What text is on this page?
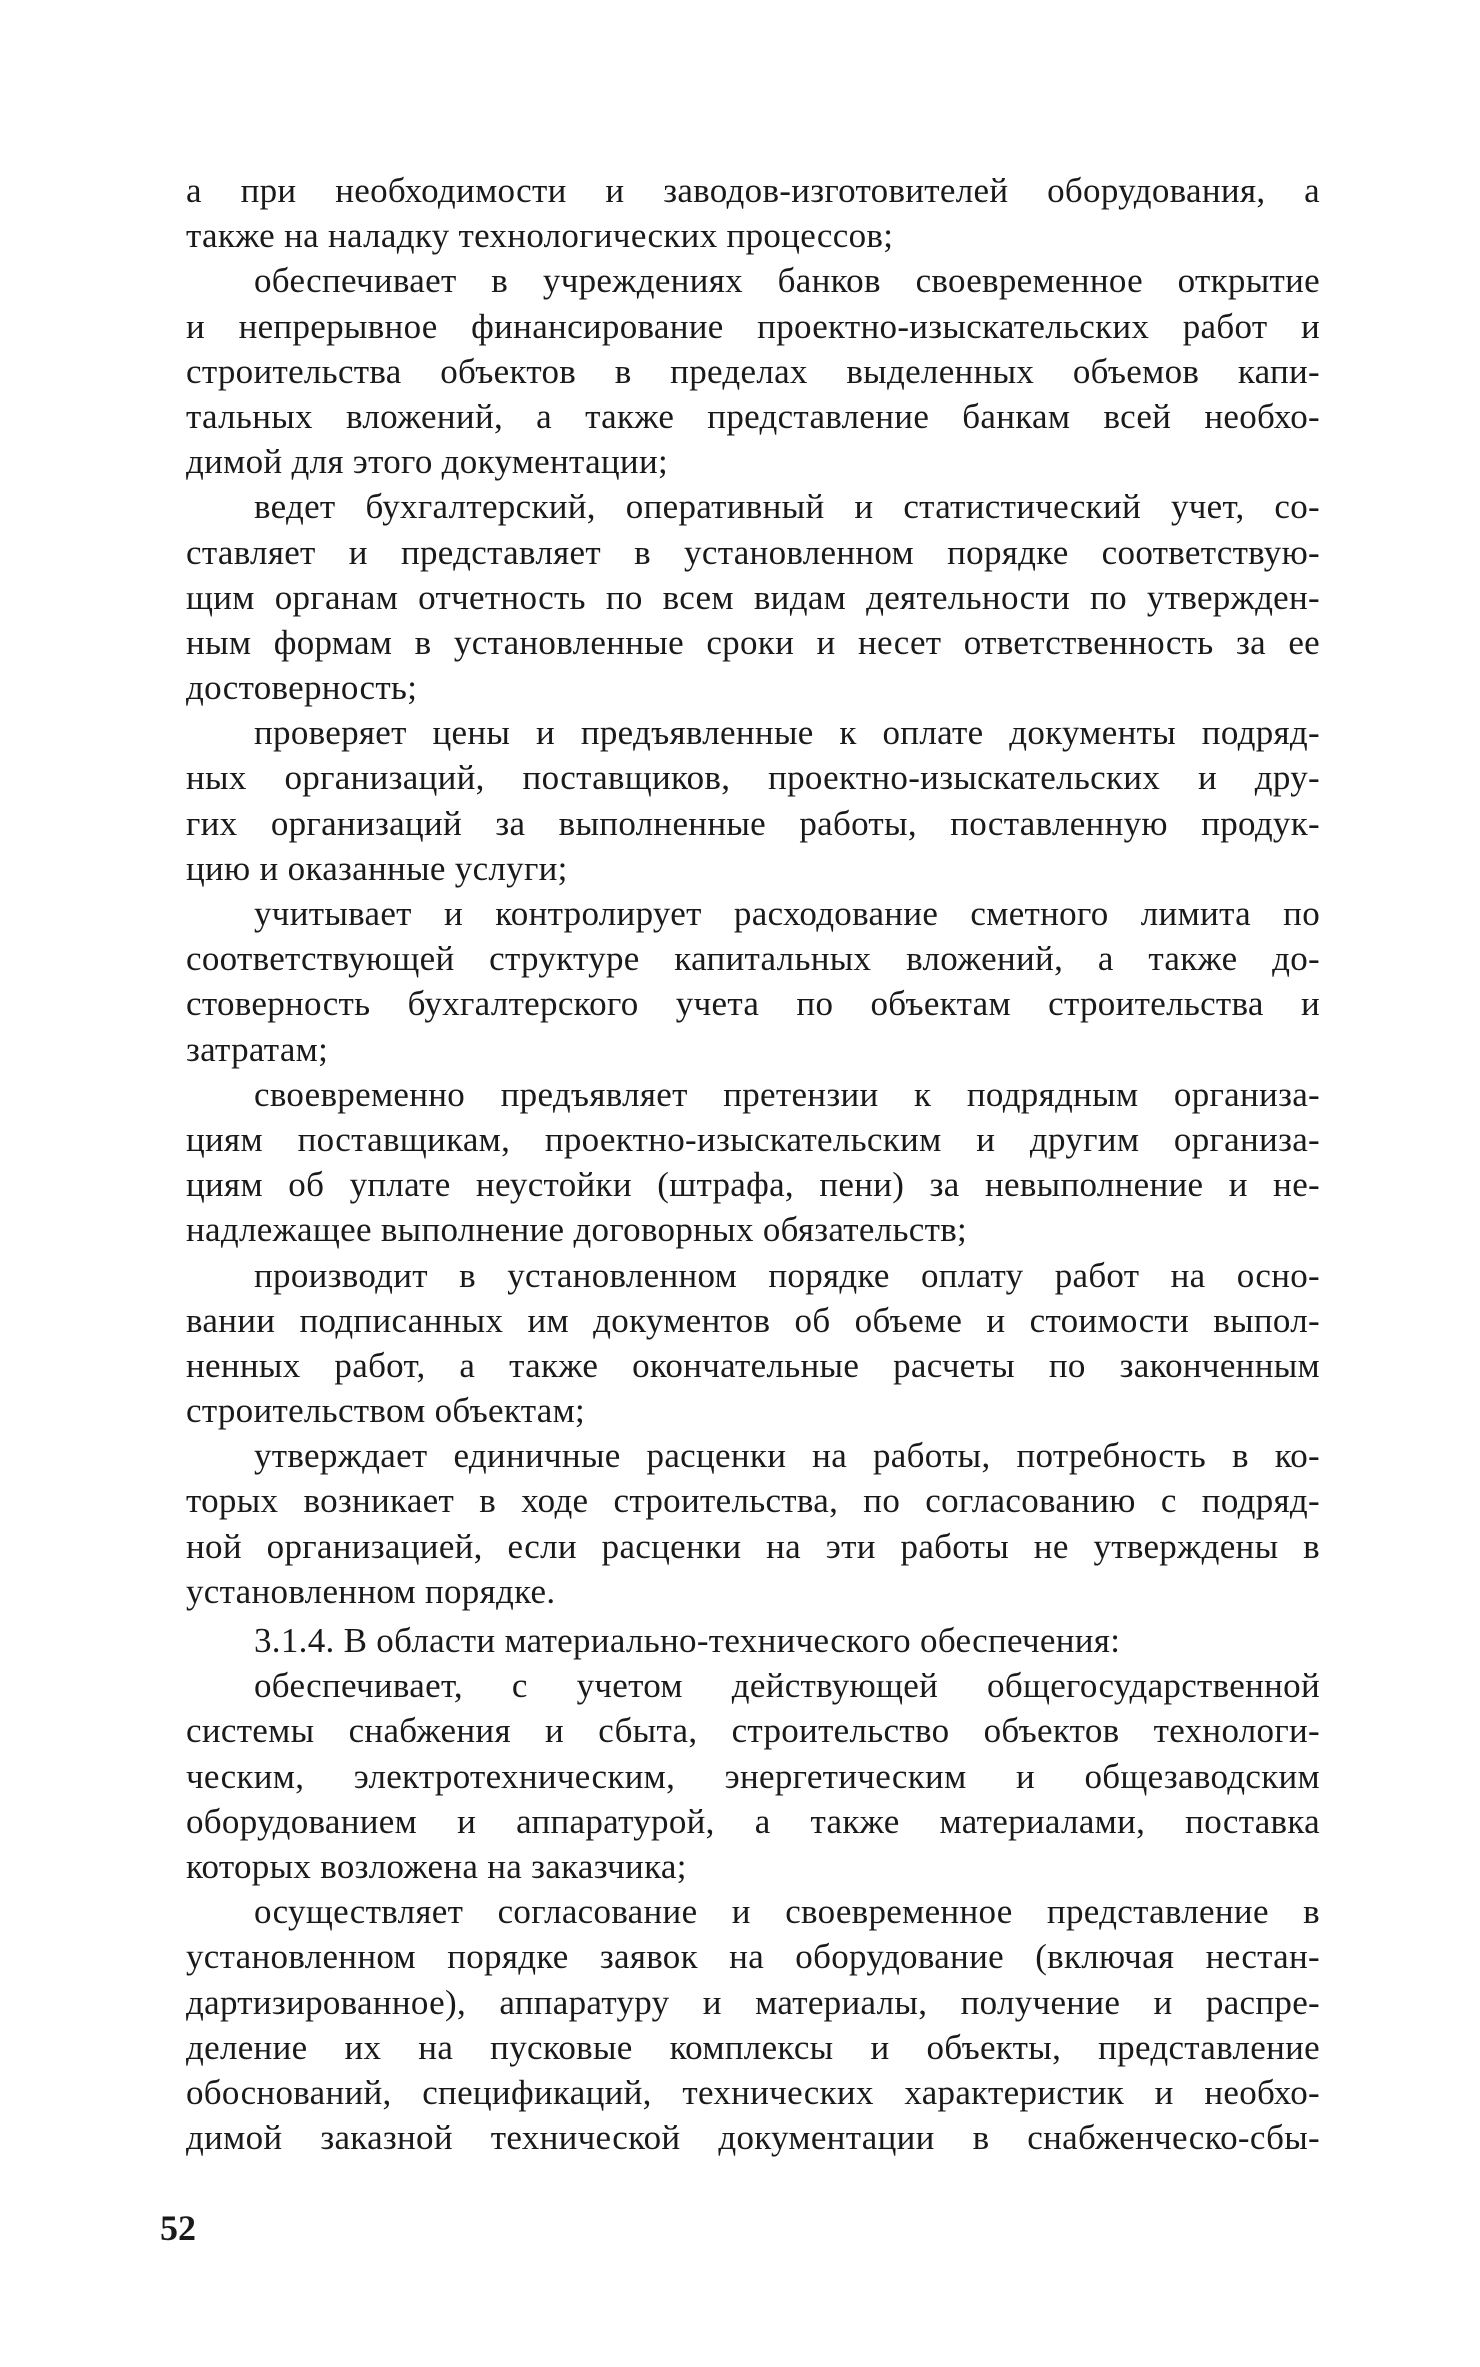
а при необходимости и заводов-изготовителей оборудования, а
также на наладку технологических процессов;
обеспечивает в учреждениях банков своевременное открытие
и непрерывное финансирование проектно-изыскательских работ и
строительства объектов в пределах выделенных объемов капи-
тальных вложений, а также представление банкам всей необхо-
димой для этого документации;
ведет бухгалтерский, оперативный и статистический учет, со-
ставляет и представляет в установленном порядке соответствую-
щим органам отчетность по всем видам деятельности по утвержден-
ным формам в установленные сроки и несет ответственность за ее
достоверность;
проверяет цены и предъявленные к оплате документы подряд-
ных организаций, поставщиков, проектно-изыскательских и дру-
гих организаций за выполненные работы, поставленную продук-
цию и оказанные услуги;
учитывает и контролирует расходование сметного лимита по
соответствующей структуре капитальных вложений, а также до-
стоверность бухгалтерского учета по объектам строительства и
затратам;
своевременно предъявляет претензии к подрядным организа-
циям поставщикам, проектно-изыскательским и другим организа-
циям об уплате неустойки (штрафа, пени) за невыполнение и не-
надлежащее выполнение договорных обязательств;
производит в установленном порядке оплату работ на осно-
вании подписанных им документов об объеме и стоимости выпол-
ненных работ, а также окончательные расчеты по законченным
строительством объектам;
утверждает единичные расценки на работы, потребность в ко-
торых возникает в ходе строительства, по согласованию с подряд-
ной организацией, если расценки на эти работы не утверждены в
установленном порядке.
3.1.4. В области материально-технического обеспечения:
обеспечивает, с учетом действующей общегосударственной
системы снабжения и сбыта, строительство объектов технологи-
ческим, электротехническим, энергетическим и общезаводским
оборудованием и аппаратурой, а также материалами, поставка
которых возложена на заказчика;
осуществляет согласование и своевременное представление в
установленном порядке заявок на оборудование (включая нестан-
дартизированное), аппаратуру и материалы, получение и распре-
деление их на пусковые комплексы и объекты, представление
обоснований, спецификаций, технических характеристик и необхо-
димой заказной технической документации в снабженческо-сбы-
52
